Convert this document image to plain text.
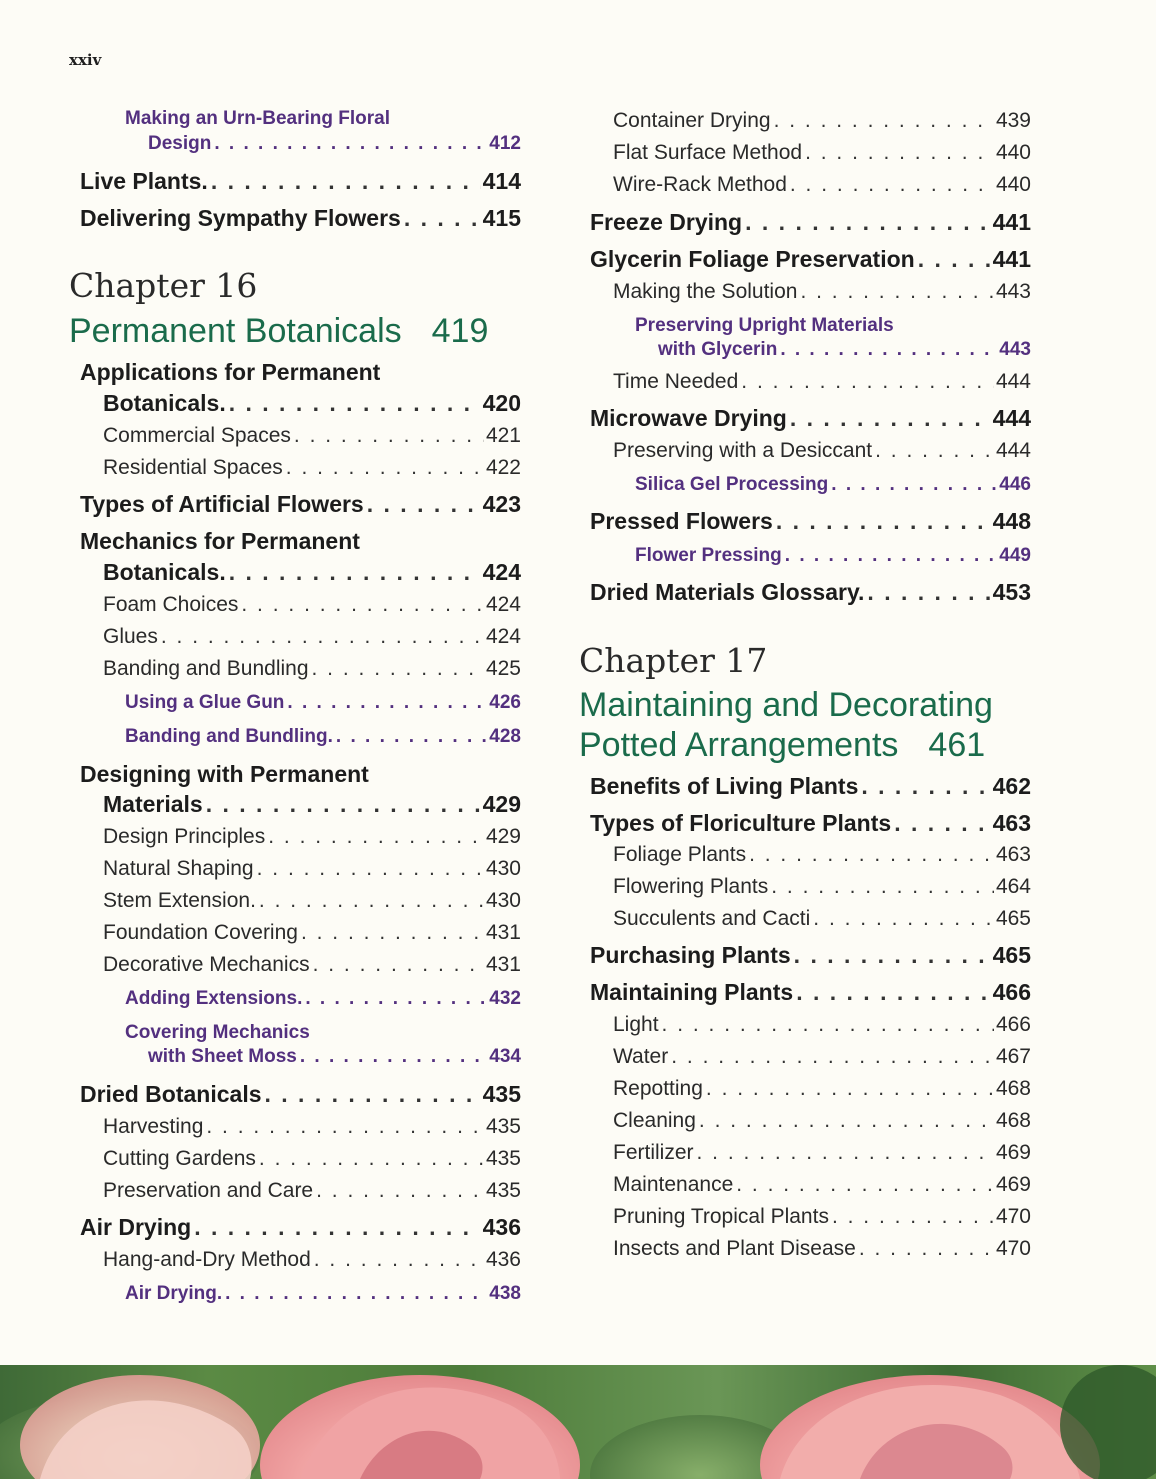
xxiv
Making an Urn-Bearing Floral
Design . . .	412
Live Plants. . . .	414
Delivering Sympathy Flowers . . .	415
Chapter 16
Permanent Botanicals 419
Applications for Permanent
Botanicals. . . .	420
Commercial Spaces . . .	421
Residential Spaces . . .	422
Types of Artificial Flowers . . .	423
Mechanics for Permanent
Botanicals. . . .	424
Foam Choices . . .	424
Glues . . .	424
Banding and Bundling . . .	425
Using a Glue Gun . . .	426
Banding and Bundling. . . .	428
Designing with Permanent
Materials . . .	429
Design Principles . . .	429
Natural Shaping . . .	430
Stem Extension. . . .	430
Foundation Covering . . .	431
Decorative Mechanics . . .	431
Adding Extensions. . . .	432
Covering Mechanics
with Sheet Moss . . .	434
Dried Botanicals . . .	435
Harvesting . . .	435
Cutting Gardens . . .	435
Preservation and Care . . .	435
Air Drying . . .	436
Hang-and-Dry Method . . .	436
Air Drying. . . .	438
Container Drying . . .	439
Flat Surface Method . . .	440
Wire-Rack Method . . .	440
Freeze Drying . . .	441
Glycerin Foliage Preservation . . .	441
Making the Solution . . .	443
Preserving Upright Materials
with Glycerin . . .	443
Time Needed . . .	444
Microwave Drying . . .	444
Preserving with a Desiccant . . .	444
Silica Gel Processing . . .	446
Pressed Flowers . . .	448
Flower Pressing . . .	449
Dried Materials Glossary. . . .	453
Chapter 17
Maintaining and Decorating
Potted Arrangements 461
Benefits of Living Plants . . .	462
Types of Floriculture Plants . . .	463
Foliage Plants . . .	463
Flowering Plants . . .	464
Succulents and Cacti . . .	465
Purchasing Plants . . .	465
Maintaining Plants . . .	466
Light . . .	466
Water . . .	467
Repotting . . .	468
Cleaning . . .	468
Fertilizer . . .	469
Maintenance . . .	469
Pruning Tropical Plants . . .	470
Insects and Plant Disease . . .	470
